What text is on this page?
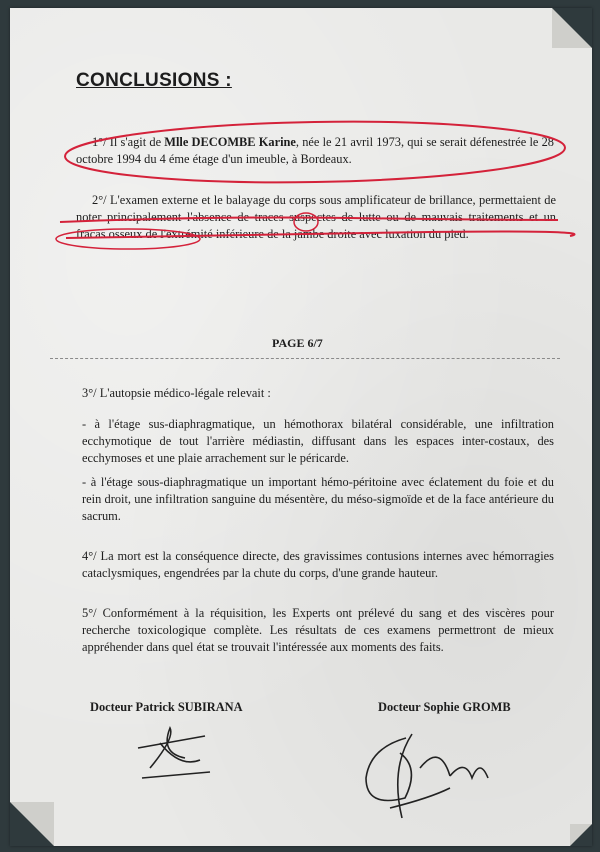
CONCLUSIONS :
1°/ Il s'agit de Mlle DECOMBE Karine, née le 21 avril 1973, qui se serait défenestrée le 28 octobre 1994 du 4 éme étage d'un imeuble, à Bordeaux.
2°/ L'examen externe et le balayage du corps sous amplificateur de brillance, permettaient de noter principalement l'absence de traces suspectes de lutte ou de mauvais traitements et un fracas osseux de l'extrémité inférieure de la jambe droite avec luxation du pied.
PAGE 6/7
3°/ L'autopsie médico-légale relevait :
- à l'étage sus-diaphragmatique, un hémothorax bilatéral considérable, une infiltration ecchymotique de tout l'arrière médiastin, diffusant dans les espaces inter-costaux, des ecchymoses et une plaie arrachement sur le péricarde.
- à l'étage sous-diaphragmatique un important hémo-péritoine avec éclatement du foie et du rein droit, une infiltration sanguine du mésentère, du méso-sigmoïde et de la face antérieure du sacrum.
4°/ La mort est la conséquence directe, des gravissimes contusions internes avec hémorragies cataclysmiques, engendrées par la chute du corps, d'une grande hauteur.
5°/ Conformément à la réquisition, les Experts ont prélevé du sang et des viscères pour recherche toxicologique complète. Les résultats de ces examens permettront de mieux appréhender dans quel état se trouvait l'intéressée aux moments des faits.
Docteur Patrick SUBIRANA	Docteur Sophie GROMB
